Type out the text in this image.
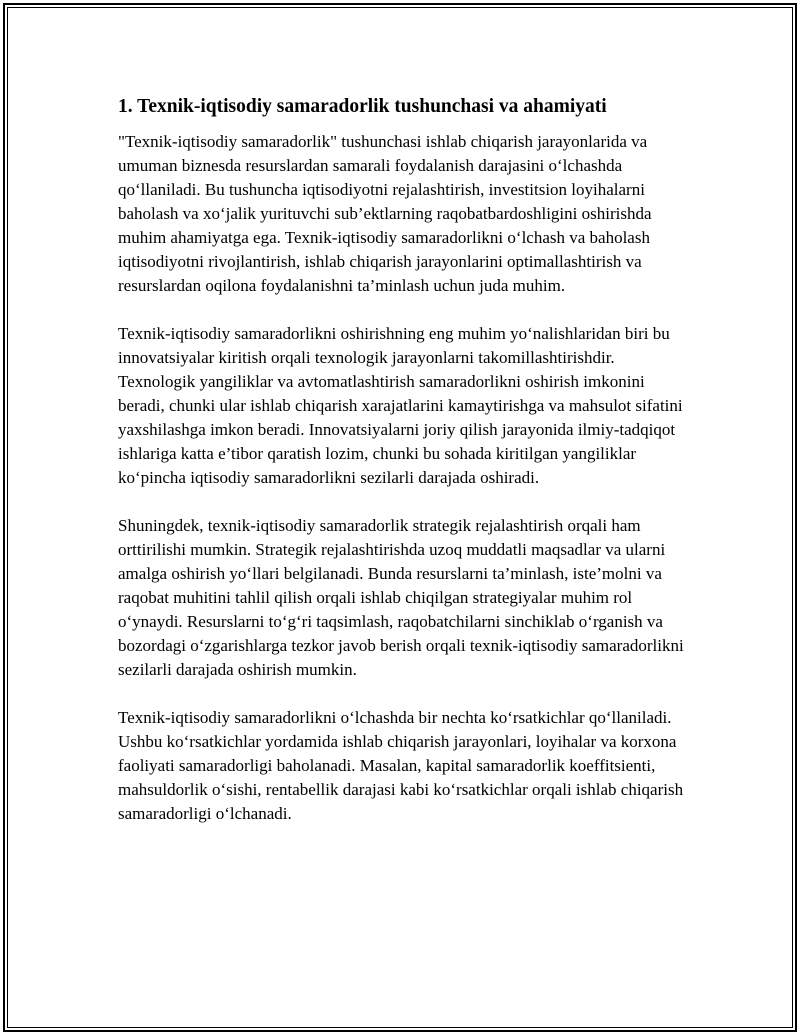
1. Texnik-iqtisodiy samaradorlik tushunchasi va ahamiyati

"Texnik-iqtisodiy samaradorlik" tushunchasi ishlab chiqarish jarayonlarida va umuman biznesda resurslardan samarali foydalanish darajasini o‘lchashda qo‘llaniladi. Bu tushuncha iqtisodiyotni rejalashtirish, investitsion loyihalarni baholash va xo‘jalik yurituvchi sub’ektlarning raqobatbardoshligini oshirishda muhim ahamiyatga ega. Texnik-iqtisodiy samaradorlikni o‘lchash va baholash iqtisodiyotni rivojlantirish, ishlab chiqarish jarayonlarini optimallashtirish va resurslardan oqilona foydalanishni ta’minlash uchun juda muhim.

Texnik-iqtisodiy samaradorlikni oshirishning eng muhim yo‘nalishlaridan biri bu innovatsiyalar kiritish orqali texnologik jarayonlarni takomillashtirishdir. Texnologik yangiliklar va avtomatlashtirish samaradorlikni oshirish imkonini beradi, chunki ular ishlab chiqarish xarajatlarini kamaytirishga va mahsulot sifatini yaxshilashga imkon beradi. Innovatsiyalarni joriy qilish jarayonida ilmiy-tadqiqot ishlariga katta e’tibor qaratish lozim, chunki bu sohada kiritilgan yangiliklar ko‘pincha iqtisodiy samaradorlikni sezilarli darajada oshiradi.

Shuningdek, texnik-iqtisodiy samaradorlik strategik rejalashtirish orqali ham orttirilishi mumkin. Strategik rejalashtirishda uzoq muddatli maqsadlar va ularni amalga oshirish yo‘llari belgilanadi. Bunda resurslarni ta’minlash, iste’molni va raqobat muhitini tahlil qilish orqali ishlab chiqilgan strategiyalar muhim rol o‘ynaydi. Resurslarni to‘g‘ri taqsimlash, raqobatchilarni sinchiklab o‘rganish va bozordagi o‘zgarishlarga tezkor javob berish orqali texnik-iqtisodiy samaradorlikni sezilarli darajada oshirish mumkin.

Texnik-iqtisodiy samaradorlikni o‘lchashda bir nechta ko‘rsatkichlar qo‘llaniladi. Ushbu ko‘rsatkichlar yordamida ishlab chiqarish jarayonlari, loyihalar va korxona faoliyati samaradorligi baholanadi. Masalan, kapital samaradorlik koeffitsienti, mahsuldorlik o‘sishi, rentabellik darajasi kabi ko‘rsatkichlar orqali ishlab chiqarish samaradorligi o‘lchanadi.
